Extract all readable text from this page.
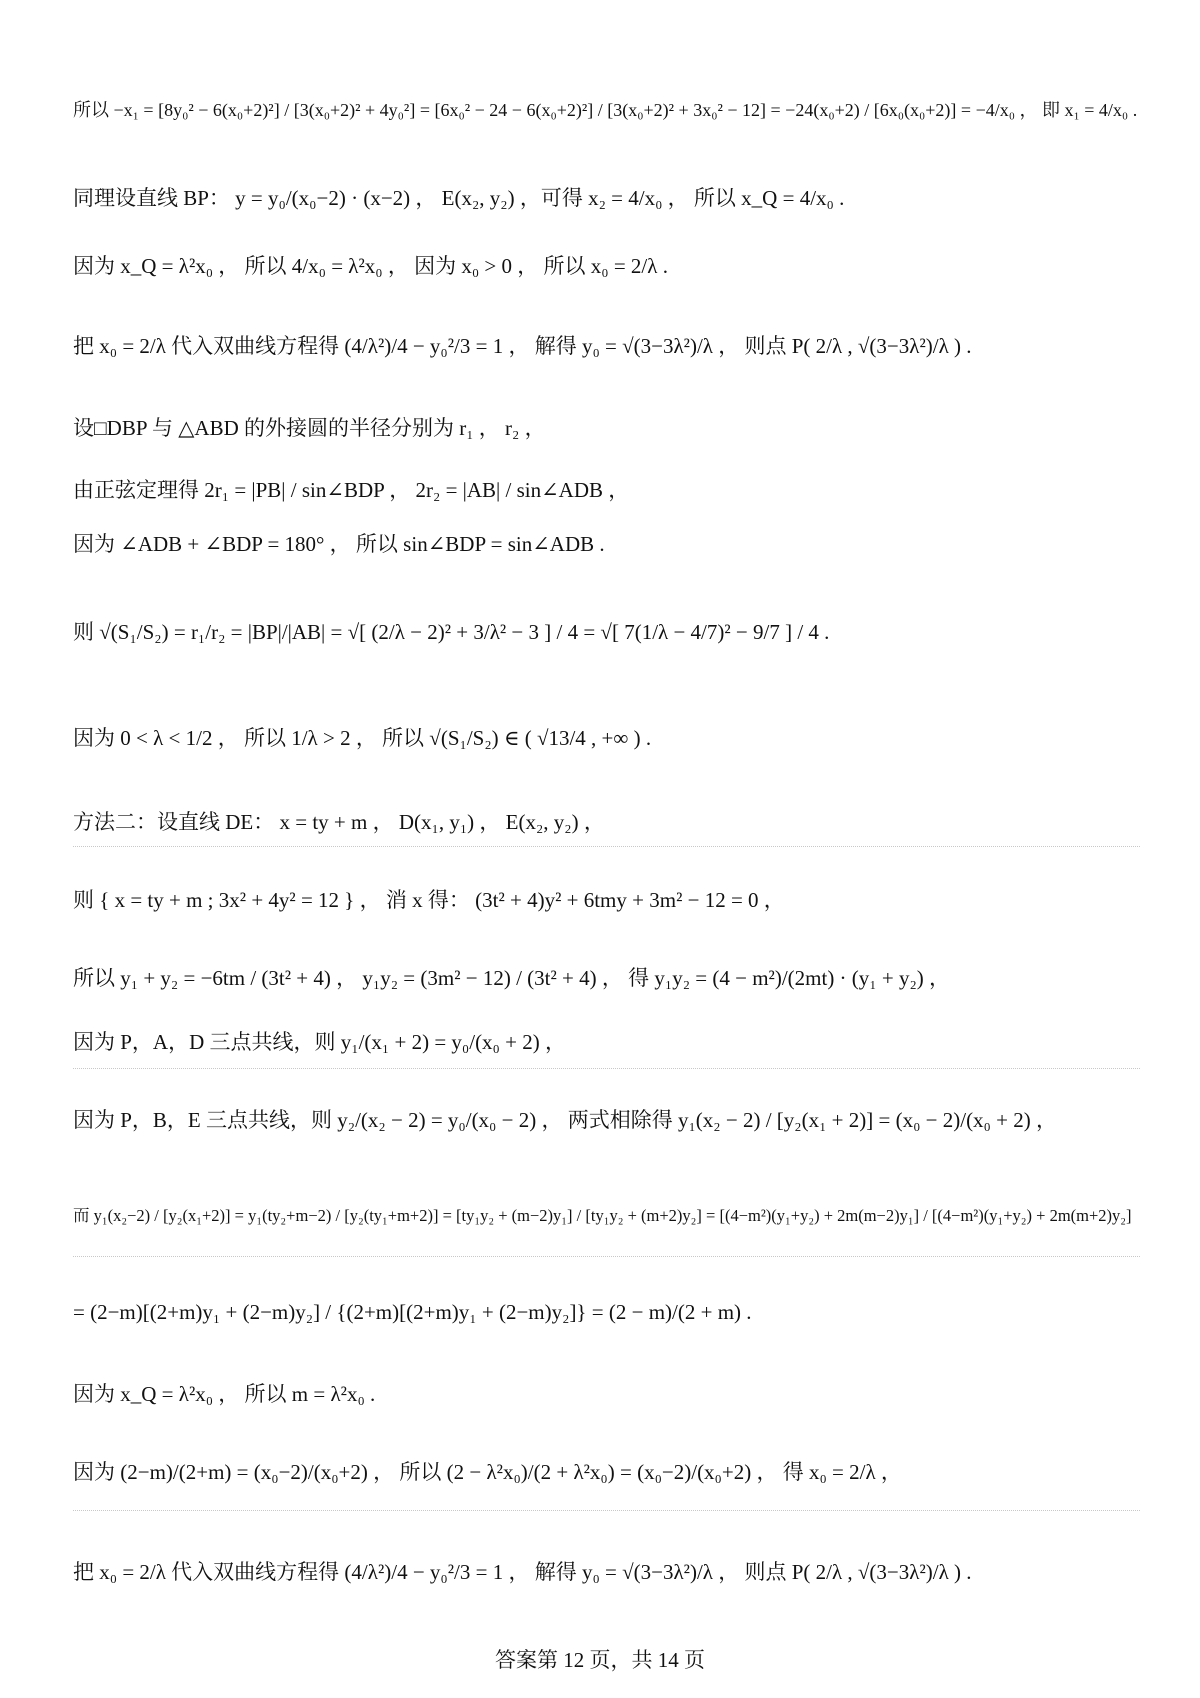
所以 −x₁ = [8y₀² − 6(x₀+2)²] / [3(x₀+2)² + 4y₀²] = [6x₀² − 24 − 6(x₀+2)²] / [3(x₀+2)² + 3x₀² − 12] = −24(x₀+2) / [6x₀(x₀+2)] = −4/x₀ ， 即 x₁ = 4/x₀ .
同理设直线 BP： y = y₀/(x₀−2) · (x−2) ， E(x₂, y₂) ，可得 x₂ = 4/x₀ ， 所以 x_Q = 4/x₀ .
因为 x_Q = λ²x₀ ， 所以 4/x₀ = λ²x₀ ， 因为 x₀ > 0 ， 所以 x₀ = 2/λ .
把 x₀ = 2/λ 代入双曲线方程得 (4/λ²)/4 − y₀²/3 = 1 ， 解得 y₀ = √(3−3λ²)/λ ， 则点 P( 2/λ , √(3−3λ²)/λ ) .
设□DBP 与 △ABD 的外接圆的半径分别为 r₁ ， r₂ ，
由正弦定理得 2r₁ = |PB| / sin∠BDP ， 2r₂ = |AB| / sin∠ADB ，
因为 ∠ADB + ∠BDP = 180° ， 所以 sin∠BDP = sin∠ADB .
则 √(S₁/S₂) = r₁/r₂ = |BP|/|AB| = √[ (2/λ − 2)² + 3/λ² − 3 ] / 4 = √[ 7(1/λ − 4/7)² − 9/7 ] / 4 .
因为 0 < λ < 1/2 ， 所以 1/λ > 2 ， 所以 √(S₁/S₂) ∈ ( √13/4 , +∞ ) .
方法二：设直线 DE： x = ty + m ， D(x₁, y₁) ， E(x₂, y₂) ，
则 { x = ty + m ; 3x² + 4y² = 12 } ， 消 x 得： (3t² + 4)y² + 6tmy + 3m² − 12 = 0 ，
所以 y₁ + y₂ = −6tm / (3t² + 4) ， y₁y₂ = (3m² − 12) / (3t² + 4) ， 得 y₁y₂ = (4 − m²)/(2mt) · (y₁ + y₂) ，
因为 P，A，D 三点共线，则 y₁/(x₁ + 2) = y₀/(x₀ + 2) ，
因为 P，B，E 三点共线，则 y₂/(x₂ − 2) = y₀/(x₀ − 2) ， 两式相除得 y₁(x₂ − 2) / [y₂(x₁ + 2)] = (x₀ − 2)/(x₀ + 2) ，
而 y₁(x₂−2) / [y₂(x₁+2)] = y₁(ty₂+m−2) / [y₂(ty₁+m+2)] = [ty₁y₂ + (m−2)y₁] / [ty₁y₂ + (m+2)y₂] = [(4−m²)(y₁+y₂) + 2m(m−2)y₁] / [(4−m²)(y₁+y₂) + 2m(m+2)y₂]
= (2−m)[(2+m)y₁ + (2−m)y₂] / {(2+m)[(2+m)y₁ + (2−m)y₂]} = (2 − m)/(2 + m) .
因为 x_Q = λ²x₀ ， 所以 m = λ²x₀ .
因为 (2−m)/(2+m) = (x₀−2)/(x₀+2) ， 所以 (2 − λ²x₀)/(2 + λ²x₀) = (x₀−2)/(x₀+2) ， 得 x₀ = 2/λ ，
把 x₀ = 2/λ 代入双曲线方程得 (4/λ²)/4 − y₀²/3 = 1 ， 解得 y₀ = √(3−3λ²)/λ ， 则点 P( 2/λ , √(3−3λ²)/λ ) .
答案第 12 页，共 14 页
